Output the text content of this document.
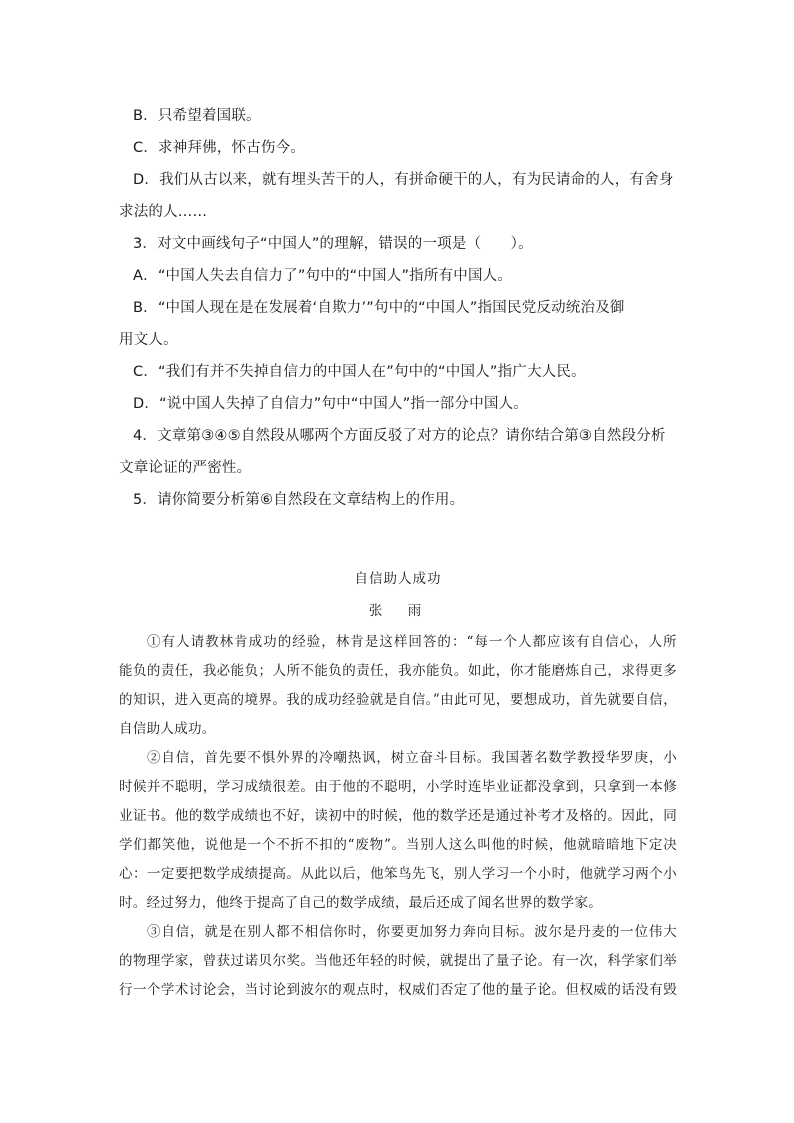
B．只希望着国联。
C．求神拜佛，怀古伤今。
D．我们从古以来，就有埋头苦干的人，有拼命硬干的人，有为民请命的人，有舍身
求法的人……
3．对文中画线句子“中国人”的理解，错误的一项是（　　）。
A．“中国人失去自信力了”句中的“中国人”指所有中国人。
B．“中国人现在是在发展着‘自欺力’”句中的“中国人”指国民党反动统治及御
用文人。
C．“我们有并不失掉自信力的中国人在”句中的“中国人”指广大人民。
D．“说中国人失掉了自信力”句中“中国人”指一部分中国人。
4．文章第③④⑤自然段从哪两个方面反驳了对方的论点？请你结合第③自然段分析
文章论证的严密性。
5．请你简要分析第⑥自然段在文章结构上的作用。
自信助人成功
张　雨
①有人请教林肯成功的经验，林肯是这样回答的：“每一个人都应该有自信心，人所
能负的责任，我必能负；人所不能负的责任，我亦能负。如此，你才能磨炼自己，求得更多
的知识，进入更高的境界。我的成功经验就是自信。”由此可见，要想成功，首先就要自信，
自信助人成功。
②自信，首先要不惧外界的冷嘲热讽，树立奋斗目标。我国著名数学教授华罗庚，小
时候并不聪明，学习成绩很差。由于他的不聪明，小学时连毕业证都没拿到，只拿到一本修
业证书。他的数学成绩也不好，读初中的时候，他的数学还是通过补考才及格的。因此，同
学们都笑他，说他是一个不折不扣的“废物”。当别人这么叫他的时候，他就暗暗地下定决
心：一定要把数学成绩提高。从此以后，他笨鸟先飞，别人学习一个小时，他就学习两个小
时。经过努力，他终于提高了自己的数学成绩，最后还成了闻名世界的数学家。
③自信，就是在别人都不相信你时，你要更加努力奔向目标。波尔是丹麦的一位伟大
的物理学家，曾获过诺贝尔奖。当他还年轻的时候，就提出了量子论。有一次，科学家们举
行一个学术讨论会，当讨论到波尔的观点时，权威们否定了他的量子论。但权威的话没有毁
